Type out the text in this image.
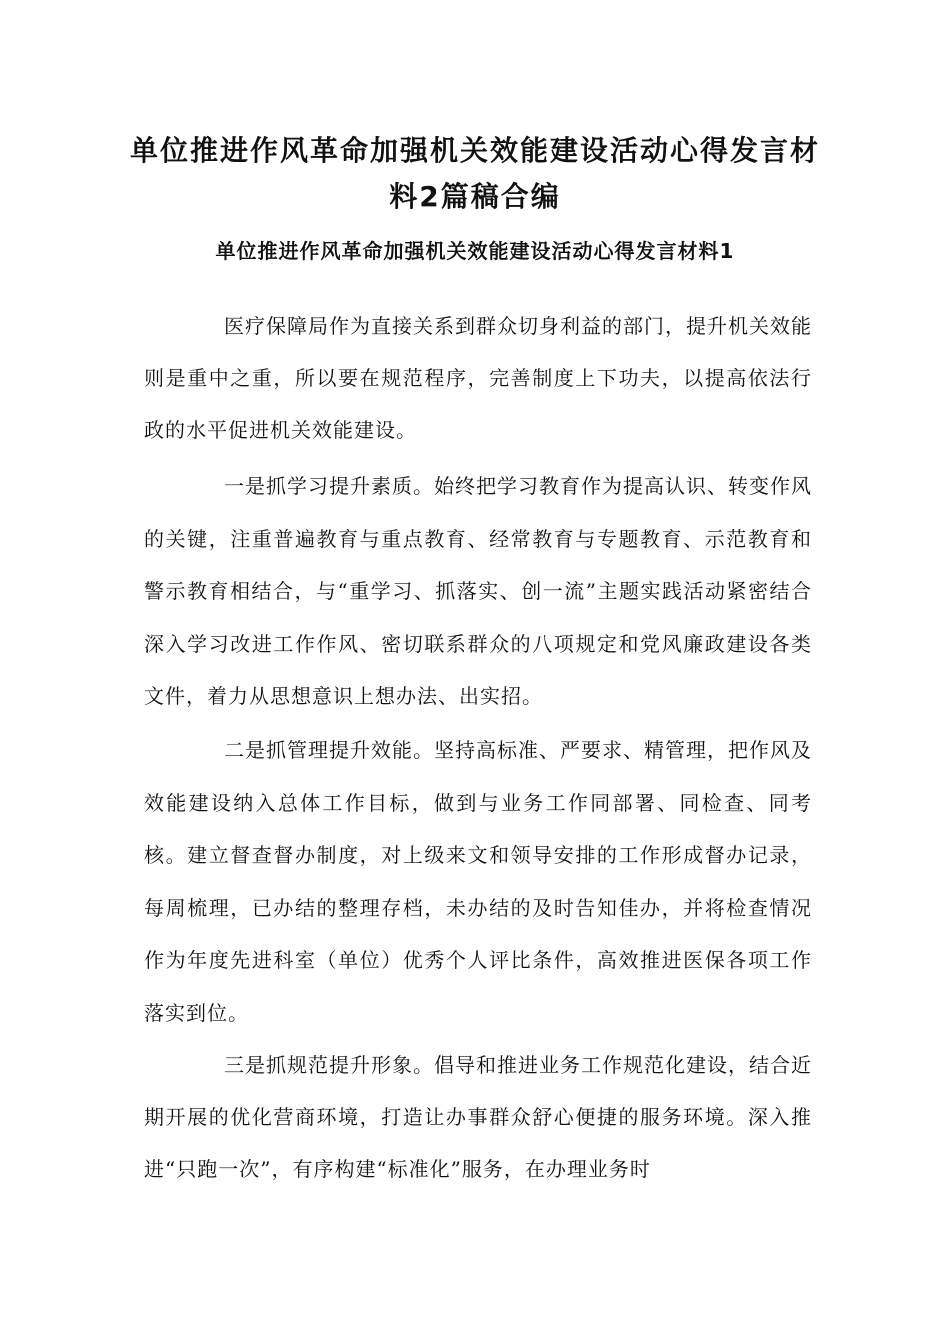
单位推进作风革命加强机关效能建设活动心得发言材
料2篇稿合编
单位推进作风革命加强机关效能建设活动心得发言材料1

医疗保障局作为直接关系到群众切身利益的部门，提升机关效能则是重中之重，所以要在规范程序，完善制度上下功夫，以提高依法行政的水平促进机关效能建设。

一是抓学习提升素质。始终把学习教育作为提高认识、转变作风的关键，注重普遍教育与重点教育、经常教育与专题教育、示范教育和警示教育相结合，与“重学习、抓落实、创一流”主题实践活动紧密结合深入学习改进工作作风、密切联系群众的八项规定和党风廉政建设各类文件，着力从思想意识上想办法、出实招。

二是抓管理提升效能。坚持高标准、严要求、精管理，把作风及效能建设纳入总体工作目标，做到与业务工作同部署、同检查、同考核。建立督查督办制度，对上级来文和领导安排的工作形成督办记录，每周梳理，已办结的整理存档，未办结的及时告知佳办，并将检查情况作为年度先进科室（单位）优秀个人评比条件，高效推进医保各项工作落实到位。

三是抓规范提升形象。倡导和推进业务工作规范化建设，结合近期开展的优化营商环境，打造让办事群众舒心便捷的服务环境。深入推进“只跑一次”，有序构建“标准化”服务，在办理业务时
